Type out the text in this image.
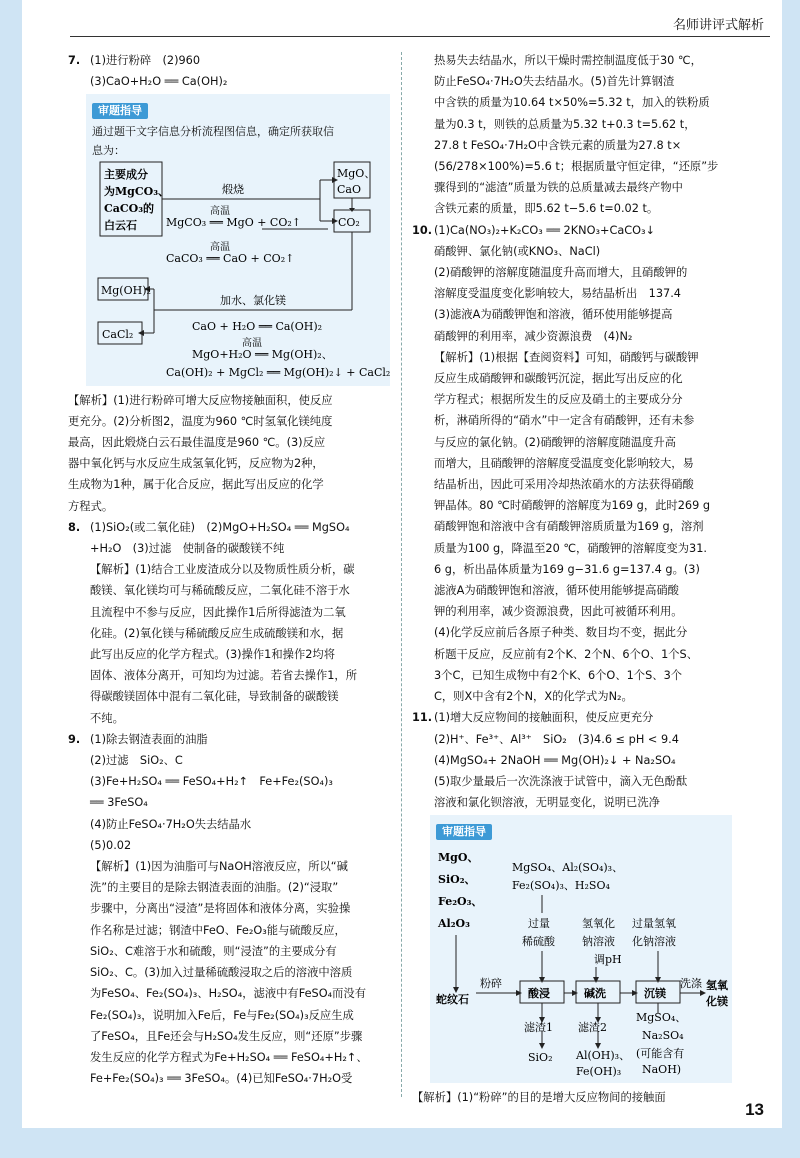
名师讲评式解析
7. (1)进行粉碎　(2)960
(3)CaO+H₂O ══ Ca(OH)₂
审题指导
通过题干文字信息分析流程图信息，确定所获取信
息为：
主要成分
为MgCO₃、
CaCO₃的
白云石
煅烧
高温
MgCO₃ ══ MgO + CO₂↑
高温
CaCO₃ ══ CaO + CO₂↑
MgO、
CaO
CO₂
Mg(OH)₂
CaCl₂
加水、氯化镁
CaO + H₂O ══ Ca(OH)₂
高温
MgO+H₂O ══ Mg(OH)₂、
Ca(OH)₂ + MgCl₂ ══ Mg(OH)₂↓ + CaCl₂
【解析】(1)进行粉碎可增大反应物接触面积，使反应
更充分。(2)分析图2，温度为960 ℃时氢氧化镁纯度
最高，因此煅烧白云石最佳温度是960 ℃。(3)反应
器中氧化钙与水反应生成氢氧化钙，反应物为2种，
生成物为1种，属于化合反应，据此写出反应的化学
方程式。
8. (1)SiO₂(或二氧化硅)　(2)MgO+H₂SO₄ ══ MgSO₄
+H₂O　(3)过滤　使制备的碳酸镁不纯
【解析】(1)结合工业废渣成分以及物质性质分析，碳
酸镁、氧化镁均可与稀硫酸反应，二氧化硅不溶于水
且流程中不参与反应，因此操作1后所得滤渣为二氧
化硅。(2)氧化镁与稀硫酸反应生成硫酸镁和水，据
此写出反应的化学方程式。(3)操作1和操作2均将
固体、液体分离开，可知均为过滤。若省去操作1，所
得碳酸镁固体中混有二氧化硅，导致制备的碳酸镁
不纯。
9. (1)除去钢渣表面的油脂
(2)过滤　SiO₂、C
(3)Fe+H₂SO₄ ══ FeSO₄+H₂↑　Fe+Fe₂(SO₄)₃
══ 3FeSO₄
(4)防止FeSO₄·7H₂O失去结晶水
(5)0.02
【解析】(1)因为油脂可与NaOH溶液反应，所以“碱
洗”的主要目的是除去钢渣表面的油脂。(2)“浸取”
步骤中，分离出“浸渣”是将固体和液体分离，实验操
作名称是过滤；钢渣中FeO、Fe₂O₃能与硫酸反应，
SiO₂、C难溶于水和硫酸，则“浸渣”的主要成分有
SiO₂、C。(3)加入过量稀硫酸浸取之后的溶液中溶质
为FeSO₄、Fe₂(SO₄)₃、H₂SO₄，滤液中有FeSO₄而没有
Fe₂(SO₄)₃，说明加入Fe后，Fe与Fe₂(SO₄)₃反应生成
了FeSO₄，且Fe还会与H₂SO₄发生反应，则“还原”步骤
发生反应的化学方程式为Fe+H₂SO₄ ══ FeSO₄+H₂↑、
Fe+Fe₂(SO₄)₃ ══ 3FeSO₄。(4)已知FeSO₄·7H₂O受
热易失去结晶水，所以干燥时需控制温度低于30 ℃，
防止FeSO₄·7H₂O失去结晶水。(5)首先计算钢渣
中含铁的质量为10.64 t×50%=5.32 t，加入的铁粉质
量为0.3 t，则铁的总质量为5.32 t+0.3 t=5.62 t，
27.8 t FeSO₄·7H₂O中含铁元素的质量为27.8 t×
(56/278×100%)=5.6 t；根据质量守恒定律，“还原”步
骤得到的“滤渣”质量为铁的总质量减去最终产物中
含铁元素的质量，即5.62 t−5.6 t=0.02 t。
10. (1)Ca(NO₃)₂+K₂CO₃ ══ 2KNO₃+CaCO₃↓
硝酸钾、氯化钠(或KNO₃、NaCl)
(2)硝酸钾的溶解度随温度升高而增大，且硝酸钾的
溶解度受温度变化影响较大，易结晶析出　137.4
(3)滤液A为硝酸钾饱和溶液，循环使用能够提高
硝酸钾的利用率，减少资源浪费　(4)N₂
【解析】(1)根据【查阅资料】可知，硝酸钙与碳酸钾
反应生成硝酸钾和碳酸钙沉淀，据此写出反应的化
学方程式；根据所发生的反应及硝土的主要成分分
析，淋硝所得的“硝水”中一定含有硝酸钾，还有未参
与反应的氯化钠。(2)硝酸钾的溶解度随温度升高
而增大，且硝酸钾的溶解度受温度变化影响较大，易
结晶析出，因此可采用冷却热浓硝水的方法获得硝酸
钾晶体。80 ℃时硝酸钾的溶解度为169 g，此时269 g
硝酸钾饱和溶液中含有硝酸钾溶质质量为169 g，溶剂
质量为100 g，降温至20 ℃，硝酸钾的溶解度变为31.
6 g，析出晶体质量为169 g−31.6 g=137.4 g。(3)
滤液A为硝酸钾饱和溶液，循环使用能够提高硝酸
钾的利用率，减少资源浪费，因此可被循环利用。
(4)化学反应前后各原子种类、数目均不变，据此分
析题干反应，反应前有2个K、2个N、6个O、1个S、
3个C，已知生成物中有2个K、6个O、1个S、3个
C，则X中含有2个N，X的化学式为N₂。
11. (1)增大反应物间的接触面积，使反应更充分
(2)H⁺、Fe³⁺、Al³⁺　SiO₂　(3)4.6 ≤ pH < 9.4
(4)MgSO₄+ 2NaOH ══ Mg(OH)₂↓ + Na₂SO₄
(5)取少量最后一次洗涤液于试管中，滴入无色酚酞
溶液和氯化钡溶液，无明显变化，说明已洗净
审题指导
MgO、
SiO₂、
Fe₂O₃、
Al₂O₃
蛇纹石
MgSO₄、Al₂(SO₄)₃、
Fe₂(SO₄)₃、H₂SO₄
粉碎
过量
稀硫酸
氢氧化
钠溶液
调pH
过量氢氧
化钠溶液
酸浸	碱洗	沉镁
洗涤 氢氧
化镁
滤渣1 滤渣2
SiO₂ Al(OH)₃、
Fe(OH)₃
MgSO₄、
Na₂SO₄
(可能含有
NaOH)
【解析】(1)“粉碎”的目的是增大反应物间的接触面
13
